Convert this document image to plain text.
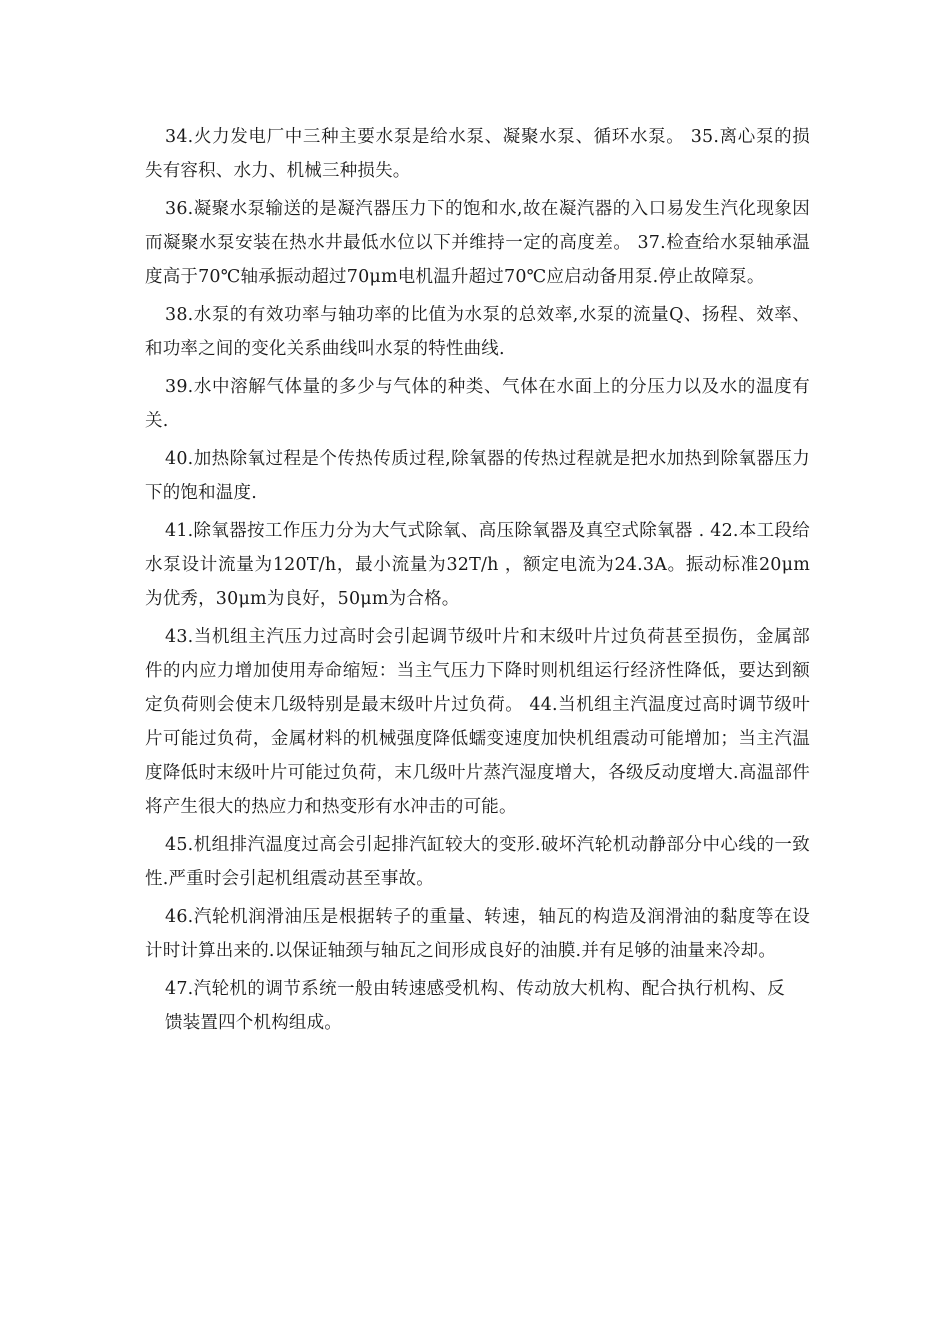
34.火力发电厂中三种主要水泵是给水泵、凝聚水泵、循环水泵。 35.离心泵的损失有容积、水力、机械三种损失。

36.凝聚水泵输送的是凝汽器压力下的饱和水,故在凝汽器的入口易发生汽化现象因而凝聚水泵安装在热水井最低水位以下并维持一定的高度差。 37.检查给水泵轴承温度高于70℃轴承振动超过70μm电机温升超过70℃应启动备用泵.停止故障泵。

38.水泵的有效功率与轴功率的比值为水泵的总效率,水泵的流量Q、扬程、效率、和功率之间的变化关系曲线叫水泵的特性曲线.

39.水中溶解气体量的多少与气体的种类、气体在水面上的分压力以及水的温度有关.

40.加热除氧过程是个传热传质过程,除氧器的传热过程就是把水加热到除氧器压力下的饱和温度.

41.除氧器按工作压力分为大气式除氧、高压除氧器及真空式除氧器 . 42.本工段给水泵设计流量为120T/h，最小流量为32T/h ，额定电流为24.3A。振动标准20μm为优秀，30μm为良好，50μm为合格。

43.当机组主汽压力过高时会引起调节级叶片和末级叶片过负荷甚至损伤，金属部件的内应力增加使用寿命缩短：当主气压力下降时则机组运行经济性降低，要达到额定负荷则会使末几级特别是最末级叶片过负荷。 44.当机组主汽温度过高时调节级叶片可能过负荷，金属材料的机械强度降低蠕变速度加快机组震动可能增加；当主汽温度降低时末级叶片可能过负荷，末几级叶片蒸汽湿度增大，各级反动度增大.高温部件将产生很大的热应力和热变形有水冲击的可能。

45.机组排汽温度过高会引起排汽缸较大的变形.破坏汽轮机动静部分中心线的一致性.严重时会引起机组震动甚至事故。

46.汽轮机润滑油压是根据转子的重量、转速，轴瓦的构造及润滑油的黏度等在设计时计算出来的.以保证轴颈与轴瓦之间形成良好的油膜.并有足够的油量来冷却。

47.汽轮机的调节系统一般由转速感受机构、传动放大机构、配合执行机构、反馈装置四个机构组成。
